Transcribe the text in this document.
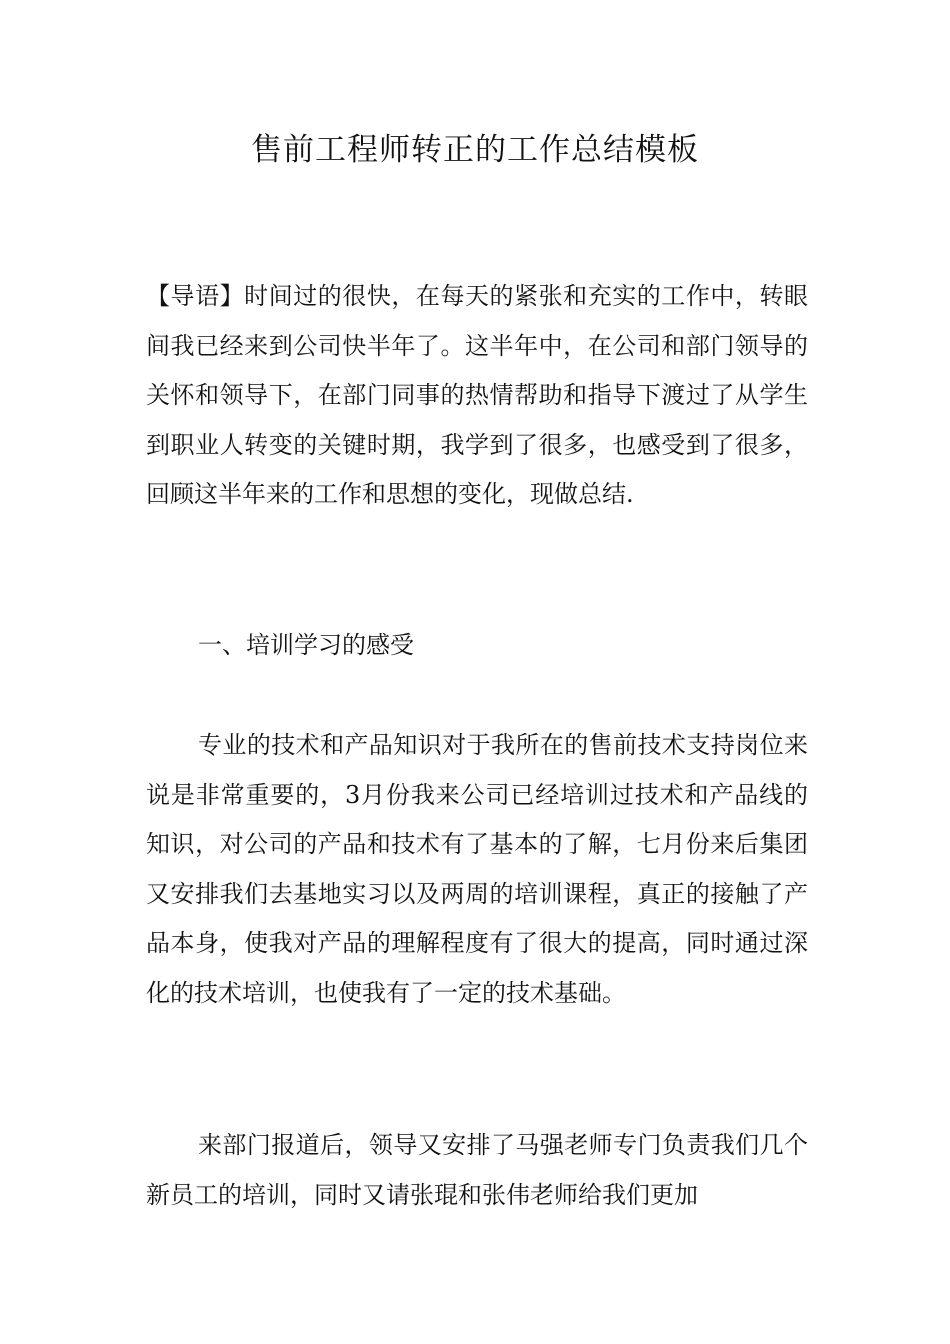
售前工程师转正的工作总结模板

【导语】时间过的很快，在每天的紧张和充实的工作中，转眼间我已经来到公司快半年了。这半年中，在公司和部门领导的关怀和领导下，在部门同事的热情帮助和指导下渡过了从学生到职业人转变的关键时期，我学到了很多，也感受到了很多，回顾这半年来的工作和思想的变化，现做总结.

一、培训学习的感受

专业的技术和产品知识对于我所在的售前技术支持岗位来说是非常重要的，3月份我来公司已经培训过技术和产品线的知识，对公司的产品和技术有了基本的了解，七月份来后集团又安排我们去基地实习以及两周的培训课程，真正的接触了产品本身，使我对产品的理解程度有了很大的提高，同时通过深化的技术培训，也使我有了一定的技术基础。

来部门报道后，领导又安排了马强老师专门负责我们几个新员工的培训，同时又请张琨和张伟老师给我们更加
